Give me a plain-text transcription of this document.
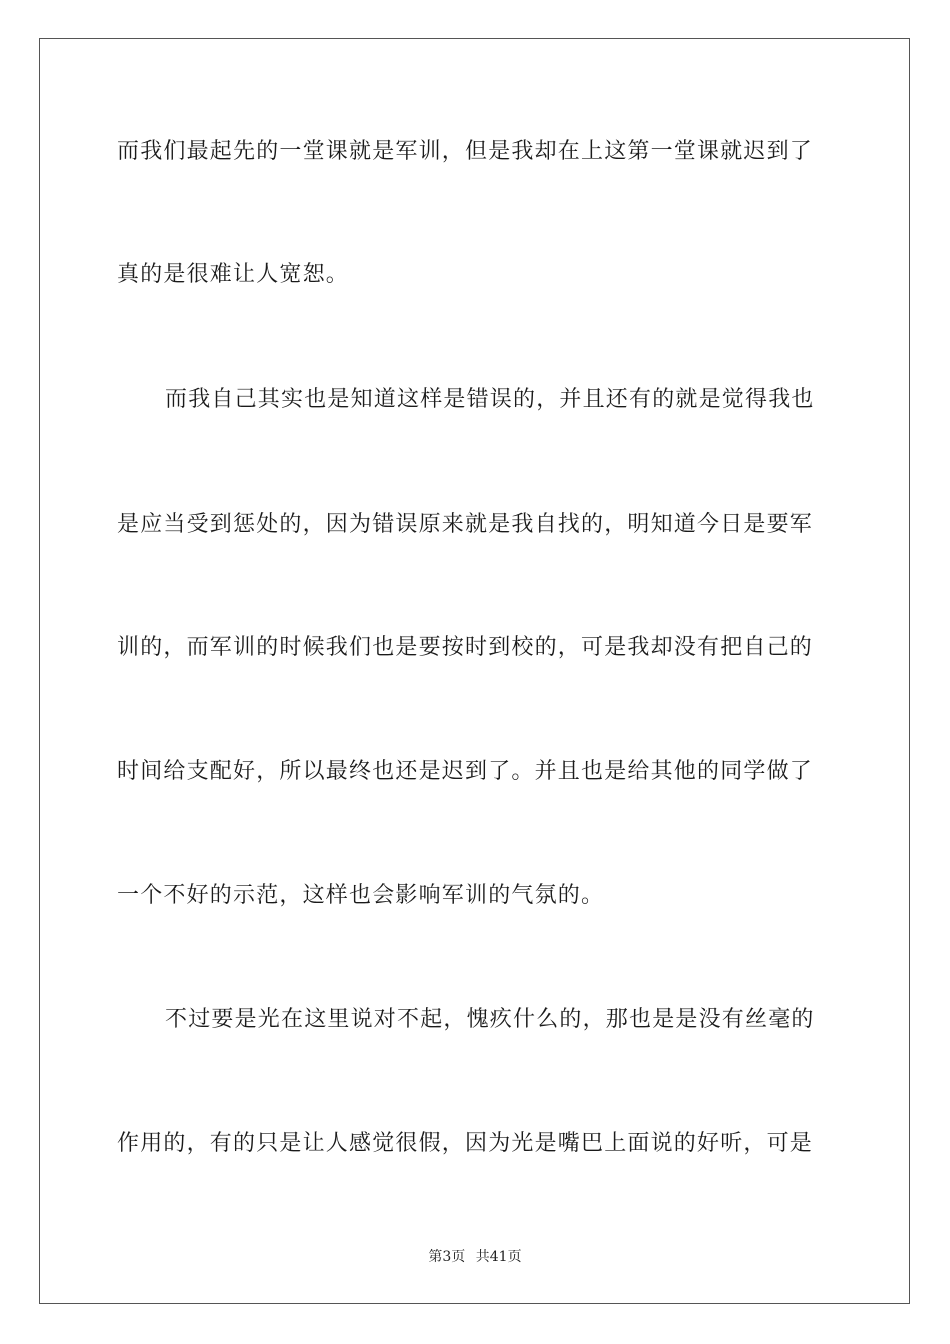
而我们最起先的一堂课就是军训，但是我却在上这第一堂课就迟到了
真的是很难让人宽恕。
而我自己其实也是知道这样是错误的，并且还有的就是觉得我也
是应当受到惩处的，因为错误原来就是我自找的，明知道今日是要军
训的，而军训的时候我们也是要按时到校的，可是我却没有把自己的
时间给支配好，所以最终也还是迟到了。并且也是给其他的同学做了
一个不好的示范，这样也会影响军训的气氛的。
不过要是光在这里说对不起，愧疚什么的，那也是是没有丝毫的
作用的，有的只是让人感觉很假，因为光是嘴巴上面说的好听，可是
第3页 共41页
